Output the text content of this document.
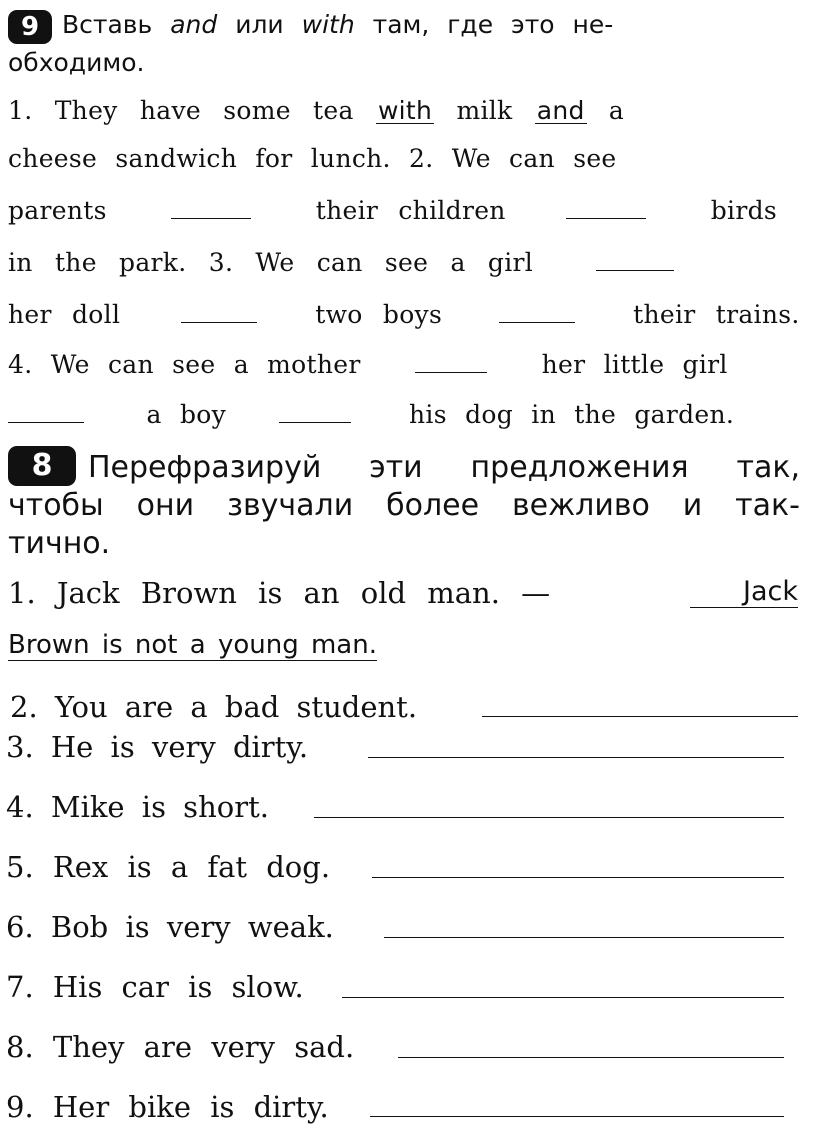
9 Вставь and или with там, где это не-
обходимо.
1. They have some tea with milk and a
cheese sandwich for lunch. 2. We can see
parents	their children	birds
in the park. 3. We can see a girl
her doll	two boys	their trains.
4. We can see a mother	her little girl
a boy	his dog in the garden.
8	Перефразируй эти предложения так,
чтобы они звучали более вежливо и так-
тично.
1. Jack Brown is an old man. —	Jack
Brown is not a young man.
2. You are a bad student.
3. He is very dirty.
4. Mike is short.
5. Rex is a fat dog.
6. Bob is very weak.
7. His car is slow.
8. They are very sad.
9. Her bike is dirty.
